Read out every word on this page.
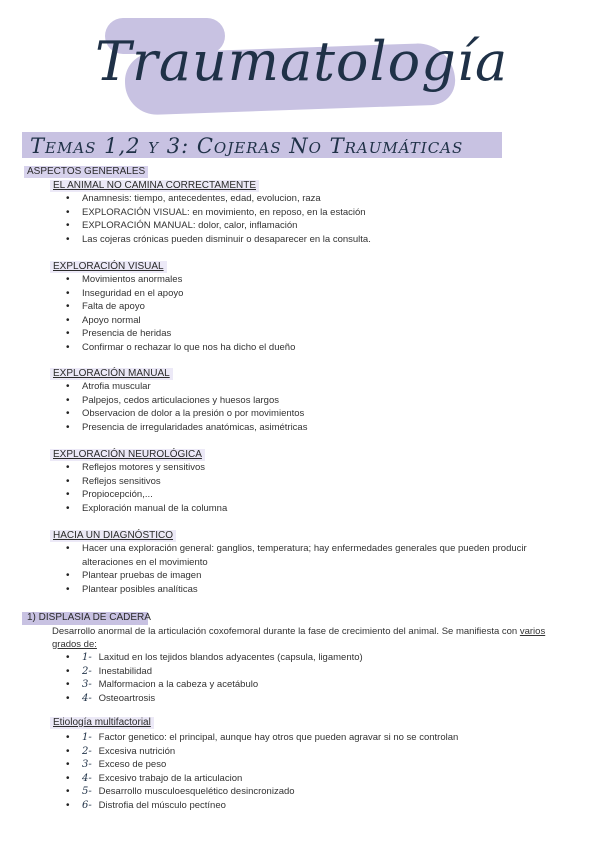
Traumatología
Temas 1,2 y 3: Cojeras No Traumáticas
ASPECTOS GENERALES
EL ANIMAL NO CAMINA CORRECTAMENTE
• Anamnesis: tiempo, antecedentes, edad, evolucion, raza
• EXPLORACIÓN VISUAL: en movimiento, en reposo, en la estación
• EXPLORACIÓN MANUAL: dolor, calor, inflamación
• Las cojeras crónicas pueden disminuir o desaparecer en la consulta.
EXPLORACIÓN VISUAL
• Movimientos anormales
• Inseguridad en el apoyo
• Falta de apoyo
• Apoyo normal
• Presencia de heridas
• Confirmar o rechazar lo que nos ha dicho el dueño
EXPLORACIÓN MANUAL
• Atrofia muscular
• Palpejos, cedos articulaciones y huesos largos
• Observacion de dolor a la presión o por movimientos
• Presencia de irregularidades anatómicas, asimétricas
EXPLORACIÓN NEUROLÓGICA
• Reflejos motores y sensitivos
• Reflejos sensitivos
• Propiocepción,...
• Exploración manual de la columna
HACIA UN DIAGNÓSTICO
• Hacer una exploración general: ganglios, temperatura; hay enfermedades generales que pueden producir alteraciones en el movimiento
• Plantear pruebas de imagen
• Plantear posibles analíticas
1) DISPLASIA DE CADERA
Desarrollo anormal de la articulación coxofemoral durante la fase de crecimiento del animal. Se manifiesta con varios grados de:
• 1- Laxitud en los tejidos blandos adyacentes (capsula, ligamento)
• 2- Inestabilidad
• 3- Malformacion a la cabeza y acetábulo
• 4- Osteoartrosis
Etiología multifactorial
• 1- Factor genetico: el principal, aunque hay otros que pueden agravar si no se controlan
• 2- Excesiva nutrición
• 3- Exceso de peso
• 4- Excesivo trabajo de la articulacion
• 5- Desarrollo musculoesquelético desincronizado
• 6- Distrofia del músculo pectíneo
